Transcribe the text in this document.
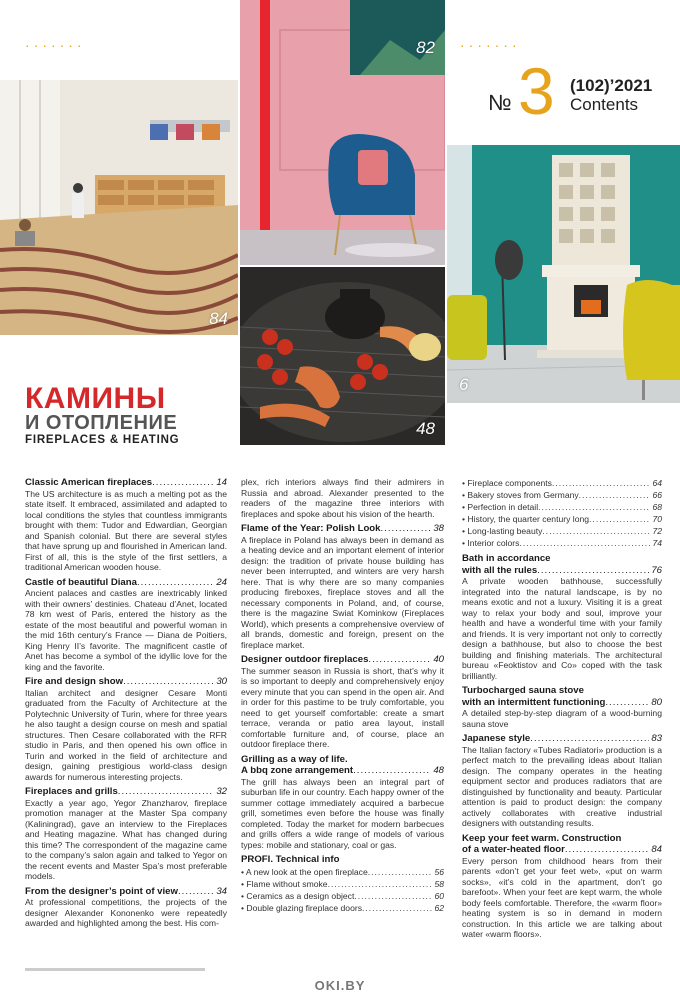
·······	·······
84
82
№ 3 (102)’2021
Contents
6
48
КАМИНЫ
И ОТОПЛЕНИЕ
FIREPLACES & HEATING
Classic American fireplaces .....	14
The US architecture is as much a melting pot as the state itself. It embraced, assimilated and adapted to local conditions the styles that countless immigrants brought with them: Tudor and Edwardian, Georgian and Spanish colonial. But there are several styles that have sprung up and flourished in American land. First of all, this is the style of the first settlers, a traditional American wooden house.
Castle of beautiful Diana .....	24
Ancient palaces and castles are inextricably linked with their owners’ destinies. Chateau d’Anet, located 78 km west of Paris, entered the history as the estate of the most beautiful and powerful woman in the mid 16th century’s France — Diana de Poitiers, King Henry II’s favorite. The magnificent castle of Anet has become a symbol of the idyllic love for the king and the favorite.
Fire and design show .....	30
Italian architect and designer Cesare Monti graduated from the Faculty of Architecture at the Polytechnic University of Turin, where for three years he also taught a design course on mesh and spatial structures. Then Cesare collaborated with the RFR studio in Paris, and then opened his own office in Turin and worked in the field of architecture and design, gaining prestigious world-class design awards for numerous interesting projects.
Fireplaces and grills .....	32
Exactly a year ago, Yegor Zhanzharov, fireplace promotion manager at the Master Spa company (Kaliningrad), gave an interview to the Fireplaces and Heating magazine. What has changed during this time? The correspondent of the magazine came to the company’s salon again and talked to Yegor on the recent events and Master Spa’s most preferable models.
From the designer’s point of view .....	34
At professional competitions, the projects of the designer Alexander Kononenko were repeatedly awarded and highlighted among the best. His com-
plex, rich interiors always find their admirers in Russia and abroad. Alexander presented to the readers of the magazine three interiors with fireplaces and spoke about his vision of the hearth.
Flame of the Year: Polish Look .....	38
A fireplace in Poland has always been in demand as a heating device and an important element of interior design: the tradition of private house building has never been interrupted, and winters are very harsh here. That is why there are so many companies producing fireboxes, fireplace stoves and all the necessary components in Poland, and, of course, there is the magazine Swiat Kominkow (Fireplaces World), which presents a comprehensive overview of all brands, domestic and foreign, present on the fireplace market.
Designer outdoor fireplaces .....	40
The summer season in Russia is short, that’s why it is so important to deeply and comprehensively enjoy every minute that you can spend in the open air. And in order for this pastime to be truly comfortable, you need to get yourself comfortable: create a smart terrace, veranda or patio area layout, install comfortable furniture and, of course, place an outdoor fireplace there.
Grilling as a way of life.
A bbq zone arrangement .....	48
The grill has always been an integral part of suburban life in our country. Each happy owner of the summer cottage immediately acquired a barbecue grill, sometimes even before the house was finally completed. Today the market for modern barbecues and grills offers a wide range of models of various types: mobile and stationary, coal or gas.
PROFI. Technical info
• A new look at the open fireplace .....	56
• Flame without smoke .....	58
• Ceramics as a design object .....	60
• Double glazing fireplace doors .....	62
• Fireplace components .....	64
• Bakery stoves from Germany .....	66
• Perfection in detail .....	68
• History, the quarter century long .....	70
• Long-lasting beauty .....	72
• Interior colors .....	74
Bath in accordance
with all the rules .....	76
A private wooden bathhouse, successfully integrated into the natural landscape, is by no means exotic and not a luxury. Visiting it is a great way to relax your body and soul, improve your health and have a wonderful time with your family and friends. It is very important not only to correctly design a bathhouse, but also to choose the best building and finishing materials. The architectural bureau «Feoktistov and Co» coped with the task brilliantly.
Turbocharged sauna stove
with an intermittent functioning .....	80
A detailed step-by-step diagram of a wood-burning sauna stove
Japanese style .....	83
The Italian factory «Tubes Radiatori» production is a perfect match to the prevailing ideas about Italian design. The company operates in the heating equipment sector and produces radiators that are distinguished by functionality and beauty. Particular attention is paid to product design: the company actively collaborates with creative industrial designers with outstanding results.
Keep your feet warm. Construction
of a water-heated floor .....	84
Every person from childhood hears from their parents «don’t get your feet wet», «put on warm socks», «it’s cold in the apartment, don’t go barefoot». When your feet are kept warm, the whole body feels comfortable. Therefore, the «warm floor» heating system is so in demand in modern construction. In this article we are talking about water «warm floors».
OKI.BY
